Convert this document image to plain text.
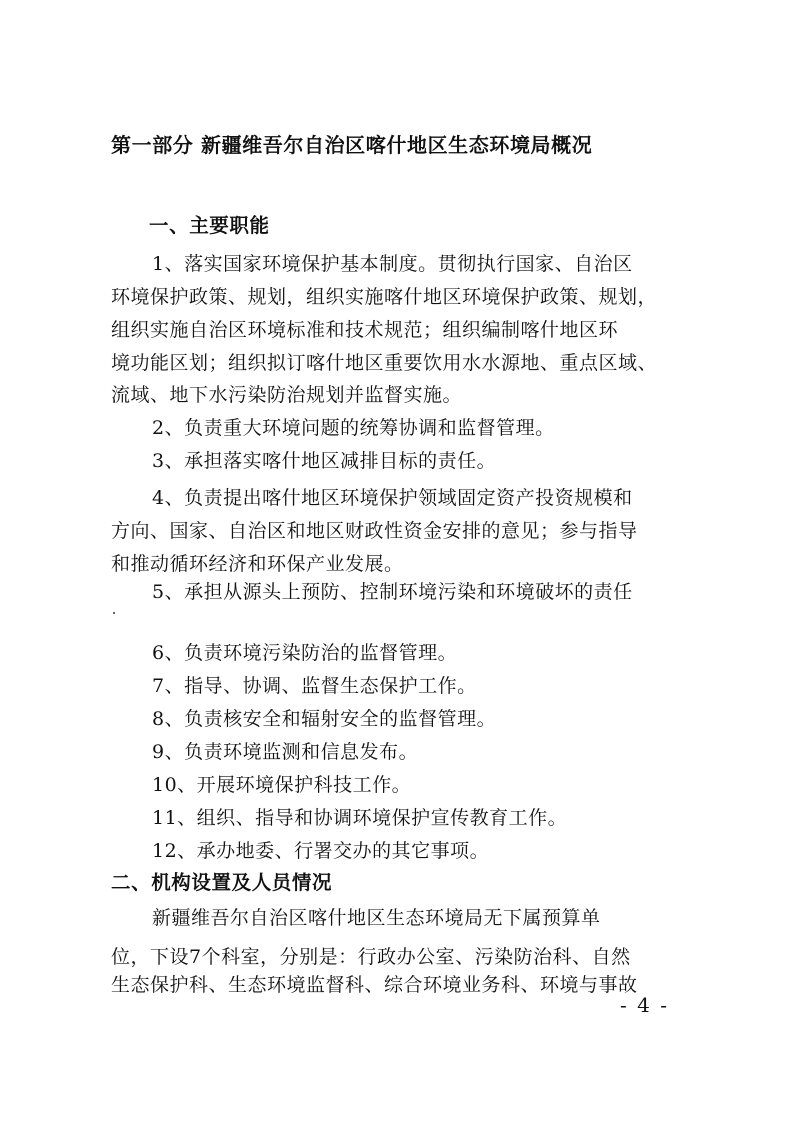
第一部分 新疆维吾尔自治区喀什地区生态环境局概况

一、主要职能

1、落实国家环境保护基本制度。贯彻执行国家、自治区

环境保护政策、规划，组织实施喀什地区环境保护政策、规划，

组织实施自治区环境标准和技术规范；组织编制喀什地区环

境功能区划；组织拟订喀什地区重要饮用水水源地、重点区域、

流域、地下水污染防治规划并监督实施。

2、负责重大环境问题的统筹协调和监督管理。

3、承担落实喀什地区减排目标的责任。

4、负责提出喀什地区环境保护领域固定资产投资规模和

方向、国家、自治区和地区财政性资金安排的意见；参与指导

和推动循环经济和环保产业发展。

5、承担从源头上预防、控制环境污染和环境破坏的责任

6、负责环境污染防治的监督管理。

7、指导、协调、监督生态保护工作。

8、负责核安全和辐射安全的监督管理。

9、负责环境监测和信息发布。

10、开展环境保护科技工作。

11、组织、指导和协调环境保护宣传教育工作。

12、承办地委、行署交办的其它事项。

二、机构设置及人员情况

新疆维吾尔自治区喀什地区生态环境局无下属预算单

位，下设7个科室，分别是：行政办公室、污染防治科、自然

生态保护科、生态环境监督科、综合环境业务科、环境与事故

- 4 -
